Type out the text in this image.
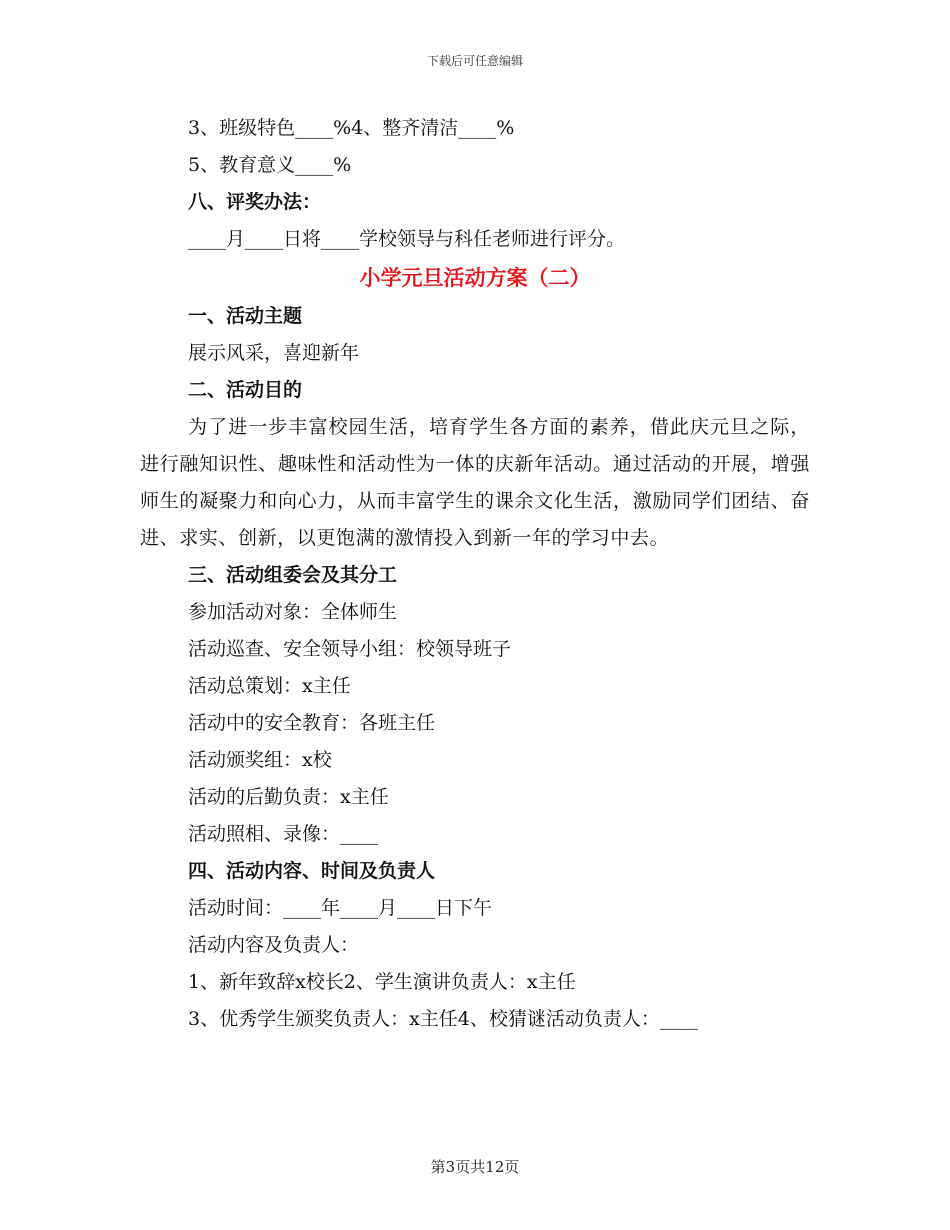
下载后可任意编辑
3、班级特色____%4、整齐清洁____%
5、教育意义____%
八、评奖办法：
____月____日将____学校领导与科任老师进行评分。
小学元旦活动方案（二）
一、活动主题
展示风采，喜迎新年
二、活动目的

为了进一步丰富校园生活，培育学生各方面的素养，借此庆元旦之际，进行融知识性、趣味性和活动性为一体的庆新年活动。通过活动的开展，增强师生的凝聚力和向心力，从而丰富学生的课余文化生活，激励同学们团结、奋进、求实、创新，以更饱满的激情投入到新一年的学习中去。

三、活动组委会及其分工
参加活动对象：全体师生
活动巡查、安全领导小组：校领导班子
活动总策划：x主任
活动中的安全教育：各班主任
活动颁奖组：x校
活动的后勤负责：x主任
活动照相、录像：____
四、活动内容、时间及负责人
活动时间：____年____月____日下午
活动内容及负责人：
1、新年致辞x校长2、学生演讲负责人：x主任
3、优秀学生颁奖负责人：x主任4、校猜谜活动负责人：____
第3页共12页
